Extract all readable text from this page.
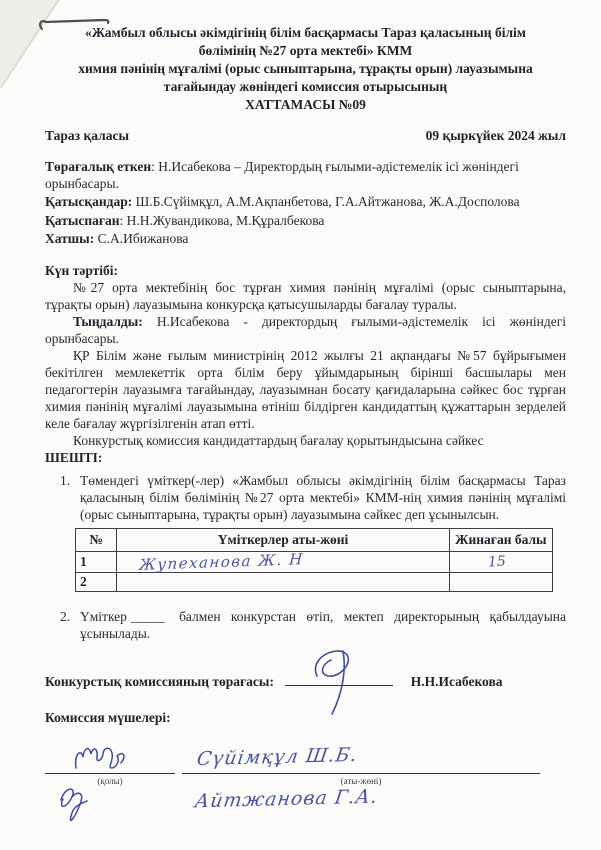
«Жамбыл облысы әкімдігінің білім басқармасы Тараз қаласының білім
бөлімінің №27 орта мектебі» КММ
химия пәнінің мұғалімі (орыс сыныптарына, тұрақты орын) лауазымына
тағайындау жөніндегі комиссия отырысының
ХАТТАМАСЫ №09
Тараз қаласы	09 қыркүйек 2024 жыл

Төрағалық еткен: Н.Исабекова – Директордың ғылыми-әдістемелік ісі жөніндегі орынбасары.

Қатысқандар: Ш.Б.Сүйімқұл, А.М.Ақпанбетова, Г.А.Айтжанова, Ж.А.Досполова

Қатыспаған: Н.Н.Жувандикова, М.Құралбекова

Хатшы: С.А.Ибижанова

Күн тәртібі:

№27 орта мектебінің бос тұрған химия пәнінің мұғалімі (орыс сыныптарына, тұрақты орын) лауазымына конкурсқа қатысушыларды бағалау туралы.

Тыңдалды: Н.Исабекова - директордың ғылыми-әдістемелік ісі жөніндегі орынбасары.

ҚР Білім және ғылым министрінің 2012 жылғы 21 ақпандағы №57 бұйрығымен бекітілген мемлекеттік орта білім беру ұйымдарының бірінші басшылары мен педагогтерін лауазымға тағайындау, лауазымнан босату қағидаларына сәйкес бос тұрған химия пәнінің мұғалімі лауазымына өтініш білдірген кандидаттың құжаттарын зерделей келе бағалау жүргізілгенін атап өтті.

Конкурстық комиссия кандидаттардың бағалау қорытындысына сәйкес

ШЕШТІ:

1. Төмендегі үміткер(-лер) «Жамбыл облысы әкімдігінің білім басқармасы Тараз қаласының білім бөлімінің №27 орта мектебі» КММ-нің химия пәнінің мұғалімі (орыс сыныптарына, тұрақты орын) лауазымына сәйкес деп ұсынылсын.
№	Үміткерлер аты-жөні	Жинаған балы
1	Жупеханова Ж. Н	15
2		
2. Үміткер _____ балмен конкурстан өтіп, мектеп директорының қабылдауына ұсынылады.
Конкурстық комиссияның төрағасы:	Н.Н.Исабекова

Комиссия мүшелері:

(қолы)	(аты-жөні)
Сүйімқұл Ш.Б.
Айтжанова Г.А.
